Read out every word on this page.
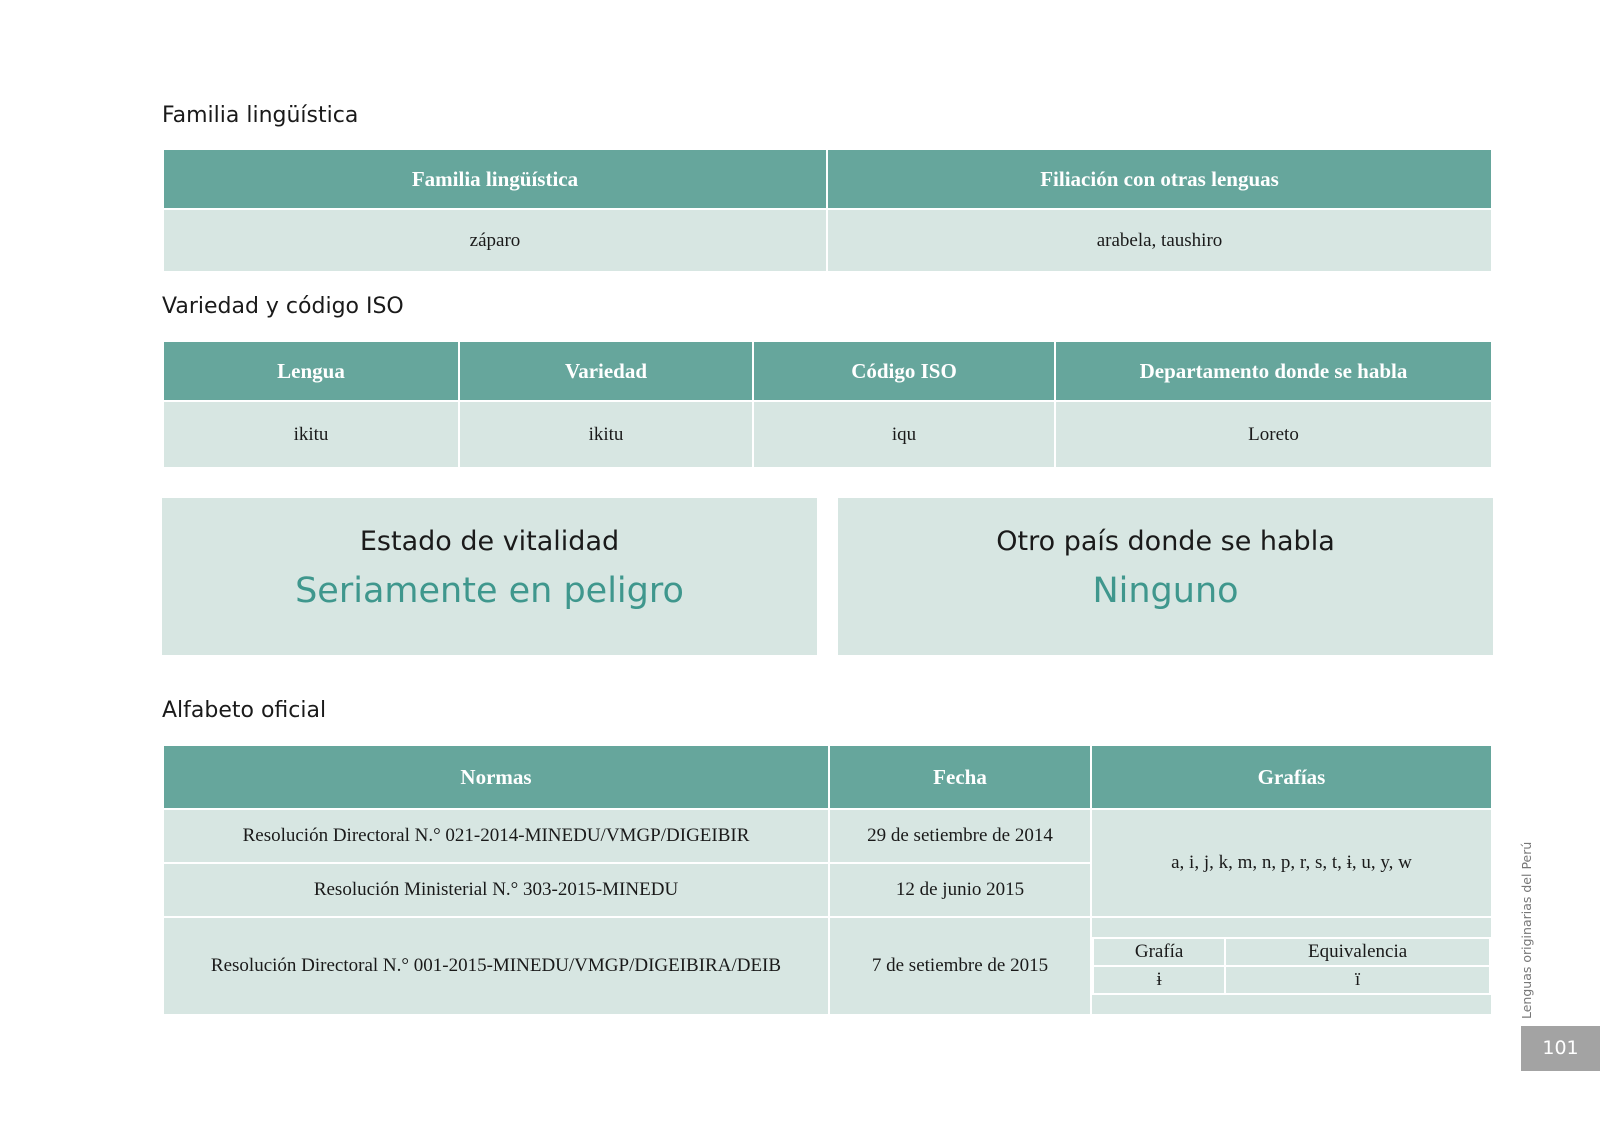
Familia lingüística
Familia lingüística	Filiación con otras lenguas
záparo	arabela, taushiro
Variedad y código ISO
Lengua	Variedad	Código ISO	Departamento donde se habla
ikitu	ikitu	iqu	Loreto
Estado de vitalidad
Seriamente en peligro
Otro país donde se habla
Ninguno
Alfabeto oficial
Normas	Fecha	Grafías
Resolución Directoral N.° 021-2014-MINEDU/VMGP/DIGEIBIR	29 de setiembre de 2014	a, i, j, k, m, n, p, r, s, t, ɨ, u, y, w
Resolución Ministerial N.° 303-2015-MINEDU	12 de junio 2015
Resolución Directoral N.° 001-2015-MINEDU/VMGP/DIGEIBIRA/DEIB	7 de setiembre de 2015	
Grafía	Equivalencia
ɨ	ï	Lenguas originarias del Perú
101
